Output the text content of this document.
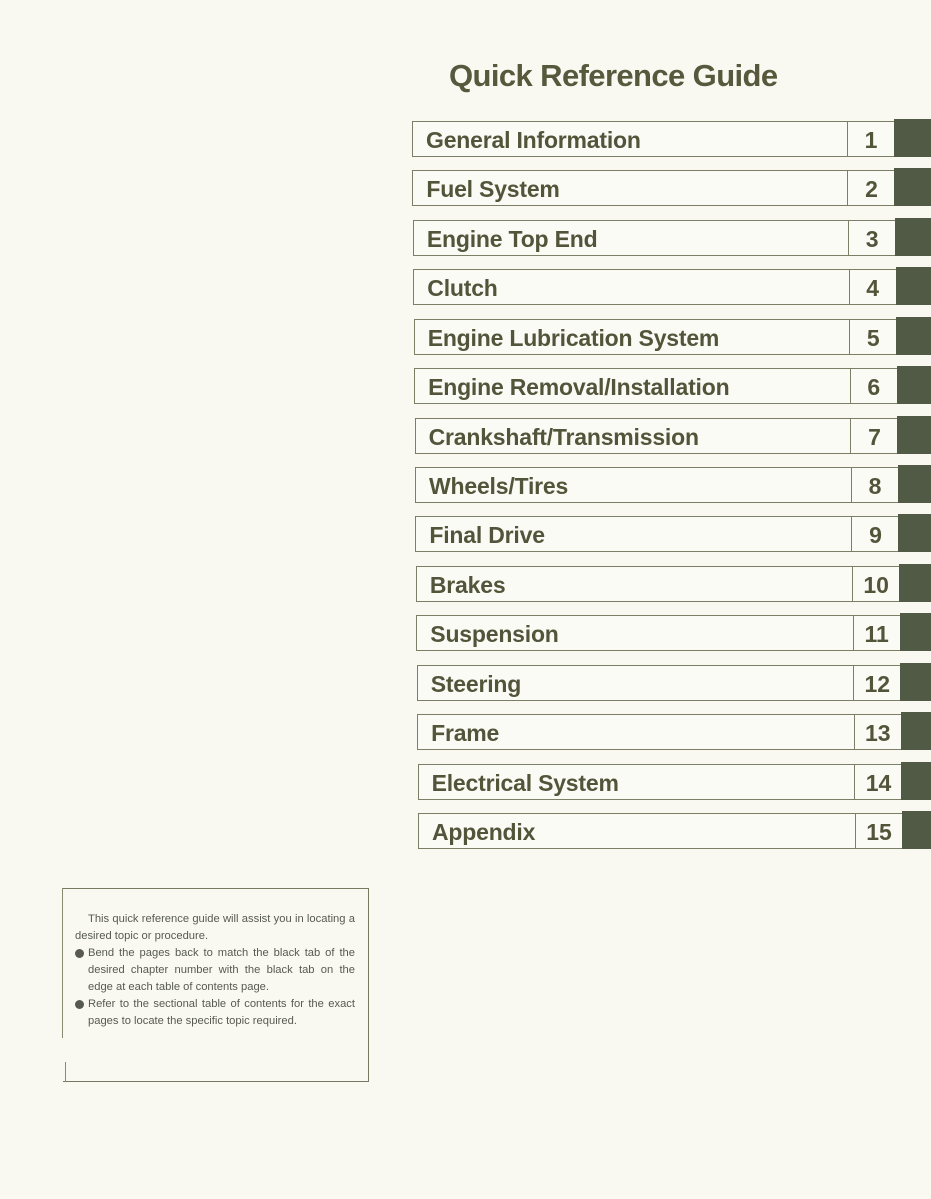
Quick Reference Guide
General Information	1
Fuel System	2
Engine Top End	3
Clutch	4
Engine Lubrication System	5
Engine Removal/Installation	6
Crankshaft/Transmission	7
Wheels/Tires	8
Final Drive	9
Brakes	10
Suspension	11
Steering	12
Frame	13
Electrical System	14
Appendix	15
This quick reference guide will assist you in locating a desired topic or procedure.
Bend the pages back to match the black tab of the desired chapter number with the black tab on the edge at each table of contents page.
Refer to the sectional table of contents for the exact pages to locate the specific topic required.
